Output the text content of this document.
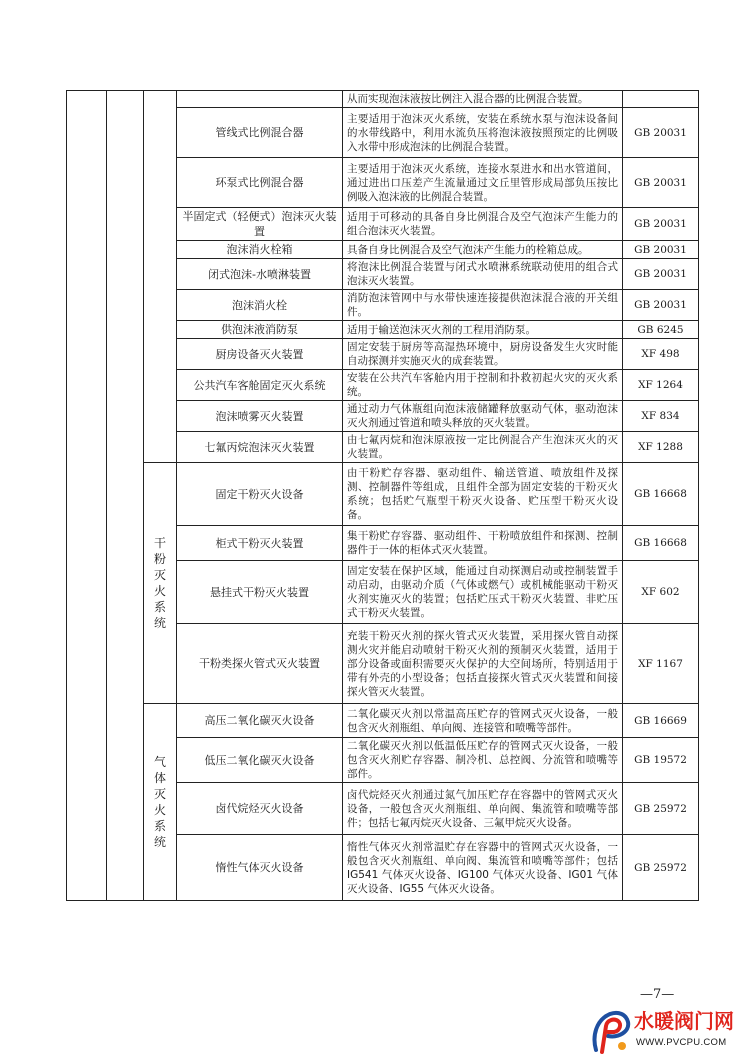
				从而实现泡沫液按比例注入混合器的比例混合装置。	
			管线式比例混合器	主要适用于泡沫灭火系统，安装在系统水泵与泡沫设备间的水带线路中，利用水流负压将泡沫液按照预定的比例吸入水带中形成泡沫的比例混合装置。	GB 20031
			环泵式比例混合器	主要适用于泡沫灭火系统，连接水泵进水和出水管道间，通过进出口压差产生流量通过文丘里管形成局部负压按比例吸入泡沫液的比例混合装置。	GB 20031
			半固定式（轻便式）泡沫灭火装置	适用于可移动的具备自身比例混合及空气泡沫产生能力的组合泡沫灭火装置。	GB 20031
			泡沫消火栓箱	具备自身比例混合及空气泡沫产生能力的栓箱总成。	GB 20031
			闭式泡沫-水喷淋装置	将泡沫比例混合装置与闭式水喷淋系统联动使用的组合式泡沫灭火装置。	GB 20031
			泡沫消火栓	消防泡沫管网中与水带快速连接提供泡沫混合液的开关组件。	GB 20031
			供泡沫液消防泵	适用于输送泡沫灭火剂的工程用消防泵。	GB 6245
			厨房设备灭火装置	固定安装于厨房等高湿热环境中，厨房设备发生火灾时能自动探测并实施灭火的成套装置。	XF 498
			公共汽车客舱固定灭火系统	安装在公共汽车客舱内用于控制和扑救初起火灾的灭火系统。	XF 1264
			泡沫喷雾灭火装置	通过动力气体瓶组向泡沫液储罐释放驱动气体，驱动泡沫灭火剂通过管道和喷头释放的灭火装置。	XF 834
			七氟丙烷泡沫灭火装置	由七氟丙烷和泡沫原液按一定比例混合产生泡沫灭火的灭火装置。	XF 1288
		干粉灭火系统	固定干粉灭火设备	由干粉贮存容器、驱动组件、输送管道、喷放组件及探测、控制器件等组成，且组件全部为固定安装的干粉灭火系统；包括贮气瓶型干粉灭火设备、贮压型干粉灭火设备。	GB 16668
			柜式干粉灭火装置	集干粉贮存容器、驱动组件、干粉喷放组件和探测、控制器件于一体的柜体式灭火装置。	GB 16668
			悬挂式干粉灭火装置	固定安装在保护区域，能通过自动探测启动或控制装置手动启动，由驱动介质（气体或燃气）或机械能驱动干粉灭火剂实施灭火的装置；包括贮压式干粉灭火装置、非贮压式干粉灭火装置。	XF 602
			干粉类探火管式灭火装置	充装干粉灭火剂的探火管式灭火装置，采用探火管自动探测火灾并能启动喷射干粉灭火剂的预制灭火装置，适用于部分设备或面积需要灭火保护的大空间场所，特别适用于带有外壳的小型设备；包括直接探火管式灭火装置和间接探火管灭火装置。	XF 1167
		气体灭火系统	高压二氧化碳灭火设备	二氧化碳灭火剂以常温高压贮存的管网式灭火设备，一般包含灭火剂瓶组、单向阀、连接管和喷嘴等部件。	GB 16669
			低压二氧化碳灭火设备	二氧化碳灭火剂以低温低压贮存的管网式灭火设备，一般包含灭火剂贮存容器、制冷机、总控阀、分流管和喷嘴等部件。	GB 19572
			卤代烷烃灭火设备	卤代烷烃灭火剂通过氮气加压贮存在容器中的管网式灭火设备，一般包含灭火剂瓶组、单向阀、集流管和喷嘴等部件；包括七氟丙烷灭火设备、三氟甲烷灭火设备。	GB 25972
			惰性气体灭火设备	惰性气体灭火剂常温贮存在容器中的管网式灭火设备，一般包含灭火剂瓶组、单向阀、集流管和喷嘴等部件；包括 IG541 气体灭火设备、IG100 气体灭火设备、IG01 气体灭火设备、IG55 气体灭火设备。	GB 25972
—7—
水暖阀门网
WWW.PVCPU.COM
